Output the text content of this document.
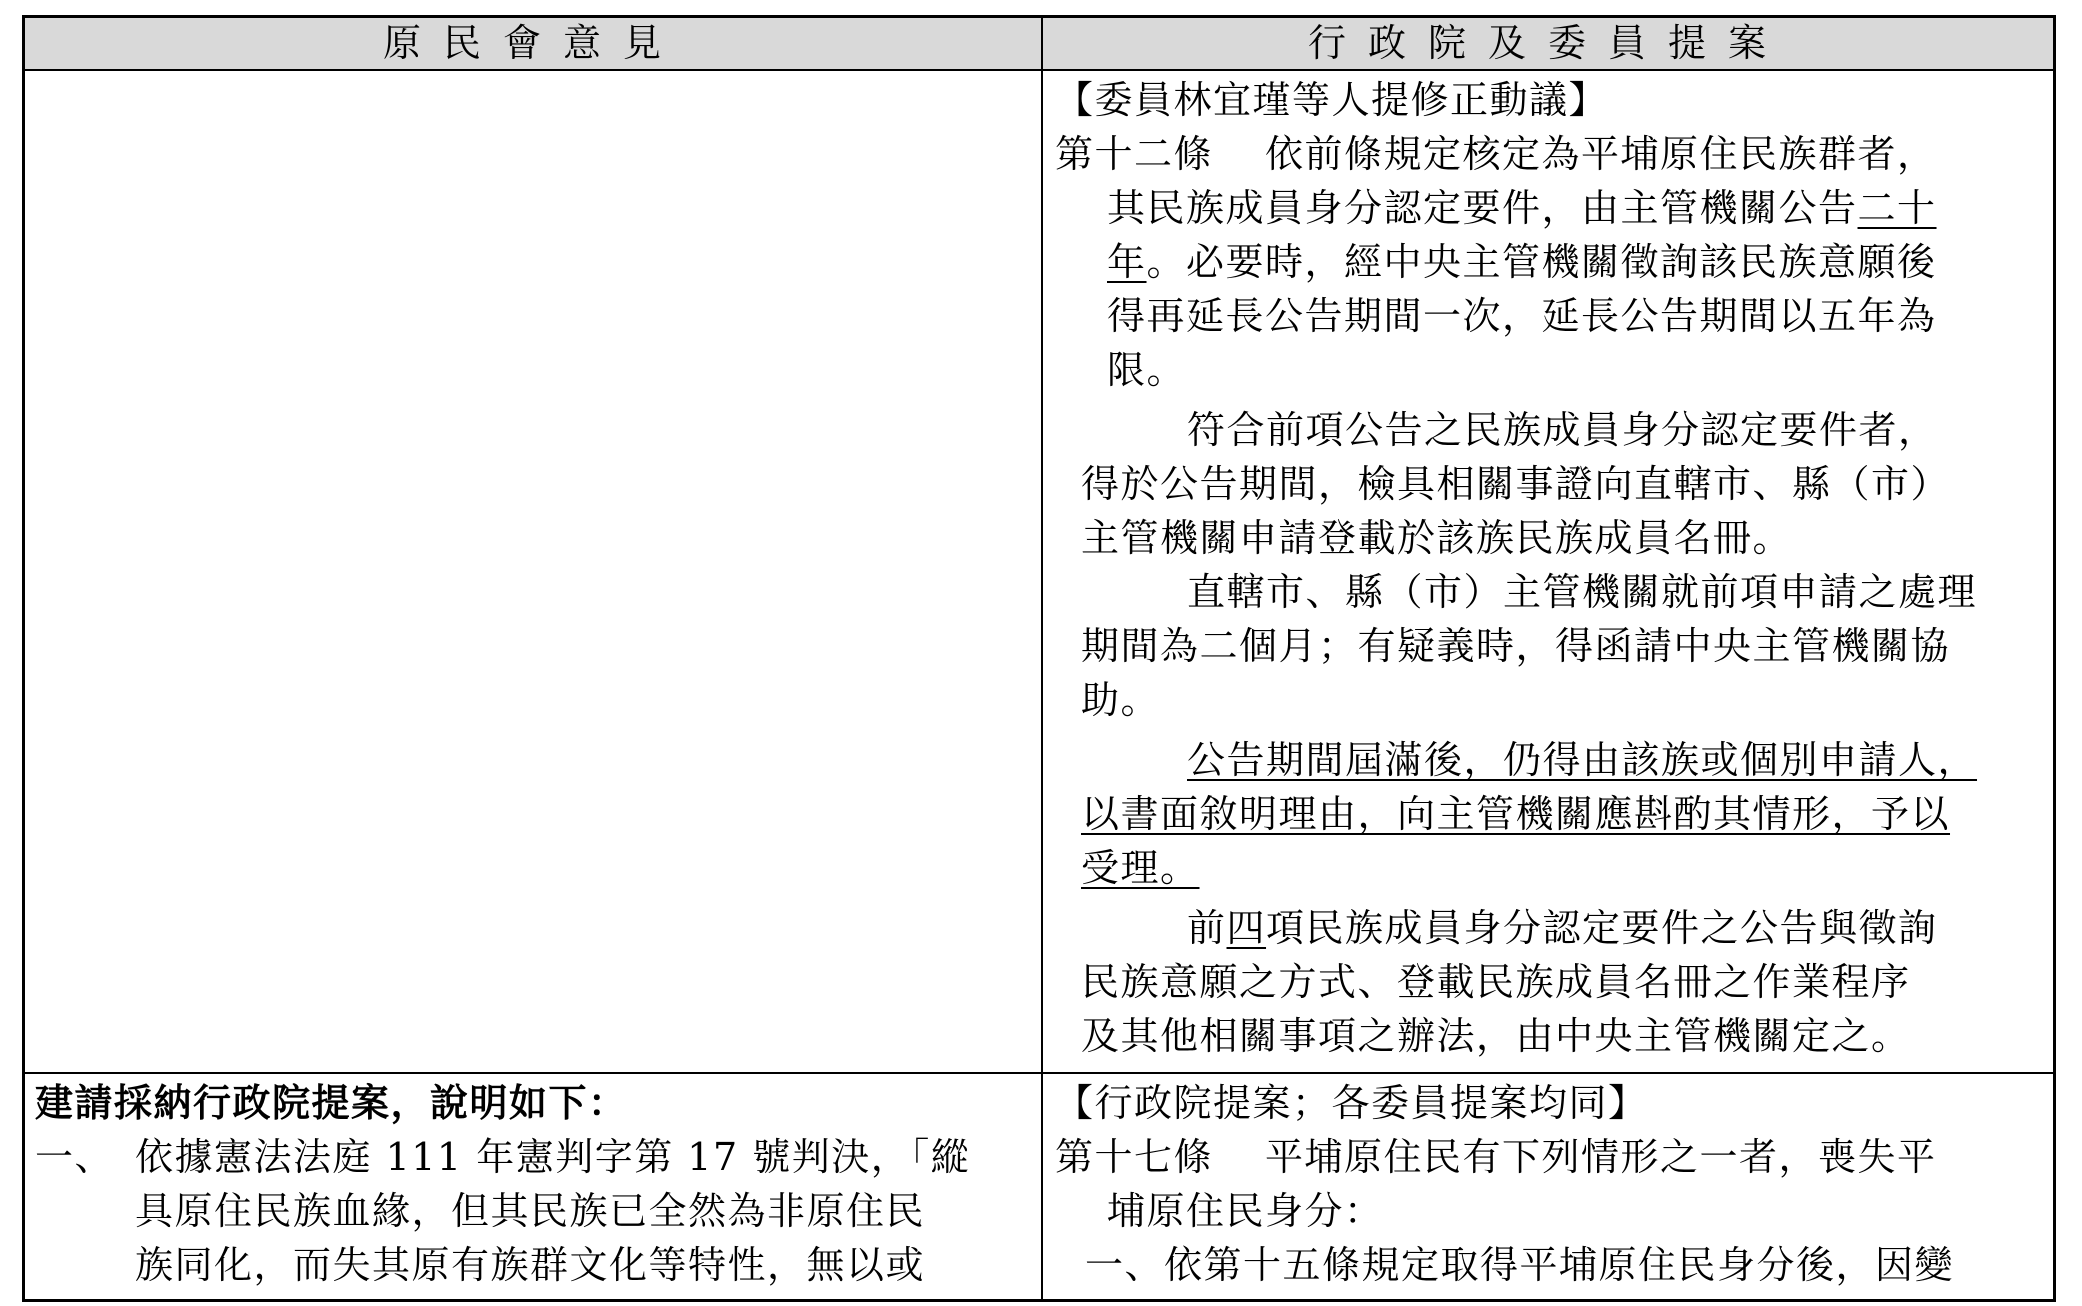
原民會意見	行政院及委員提案
【委員林宜瑾等人提修正動議】
第十二條 依前條規定核定為平埔原住民族群者，
其民族成員身分認定要件，由主管機關公告二十
年。必要時，經中央主管機關徵詢該民族意願後
得再延長公告期間一次，延長公告期間以五年為
限。
符合前項公告之民族成員身分認定要件者，
得於公告期間，檢具相關事證向直轄市、縣（市）
主管機關申請登載於該族民族成員名冊。
直轄市、縣（市）主管機關就前項申請之處理
期間為二個月；有疑義時，得函請中央主管機關協
助。
公告期間屆滿後，仍得由該族或個別申請人，
以書面敘明理由，向主管機關應斟酌其情形，予以
受理。
前四項民族成員身分認定要件之公告與徵詢
民族意願之方式、登載民族成員名冊之作業程序
及其他相關事項之辦法，由中央主管機關定之。
建請採納行政院提案，說明如下：
一、 依據憲法法庭 111 年憲判字第 17 號判決，「縱
具原住民族血緣，但其民族已全然為非原住民
族同化，而失其原有族群文化等特性，無以或
【行政院提案；各委員提案均同】
第十七條 平埔原住民有下列情形之一者，喪失平
埔原住民身分：
一、依第十五條規定取得平埔原住民身分後，因變
